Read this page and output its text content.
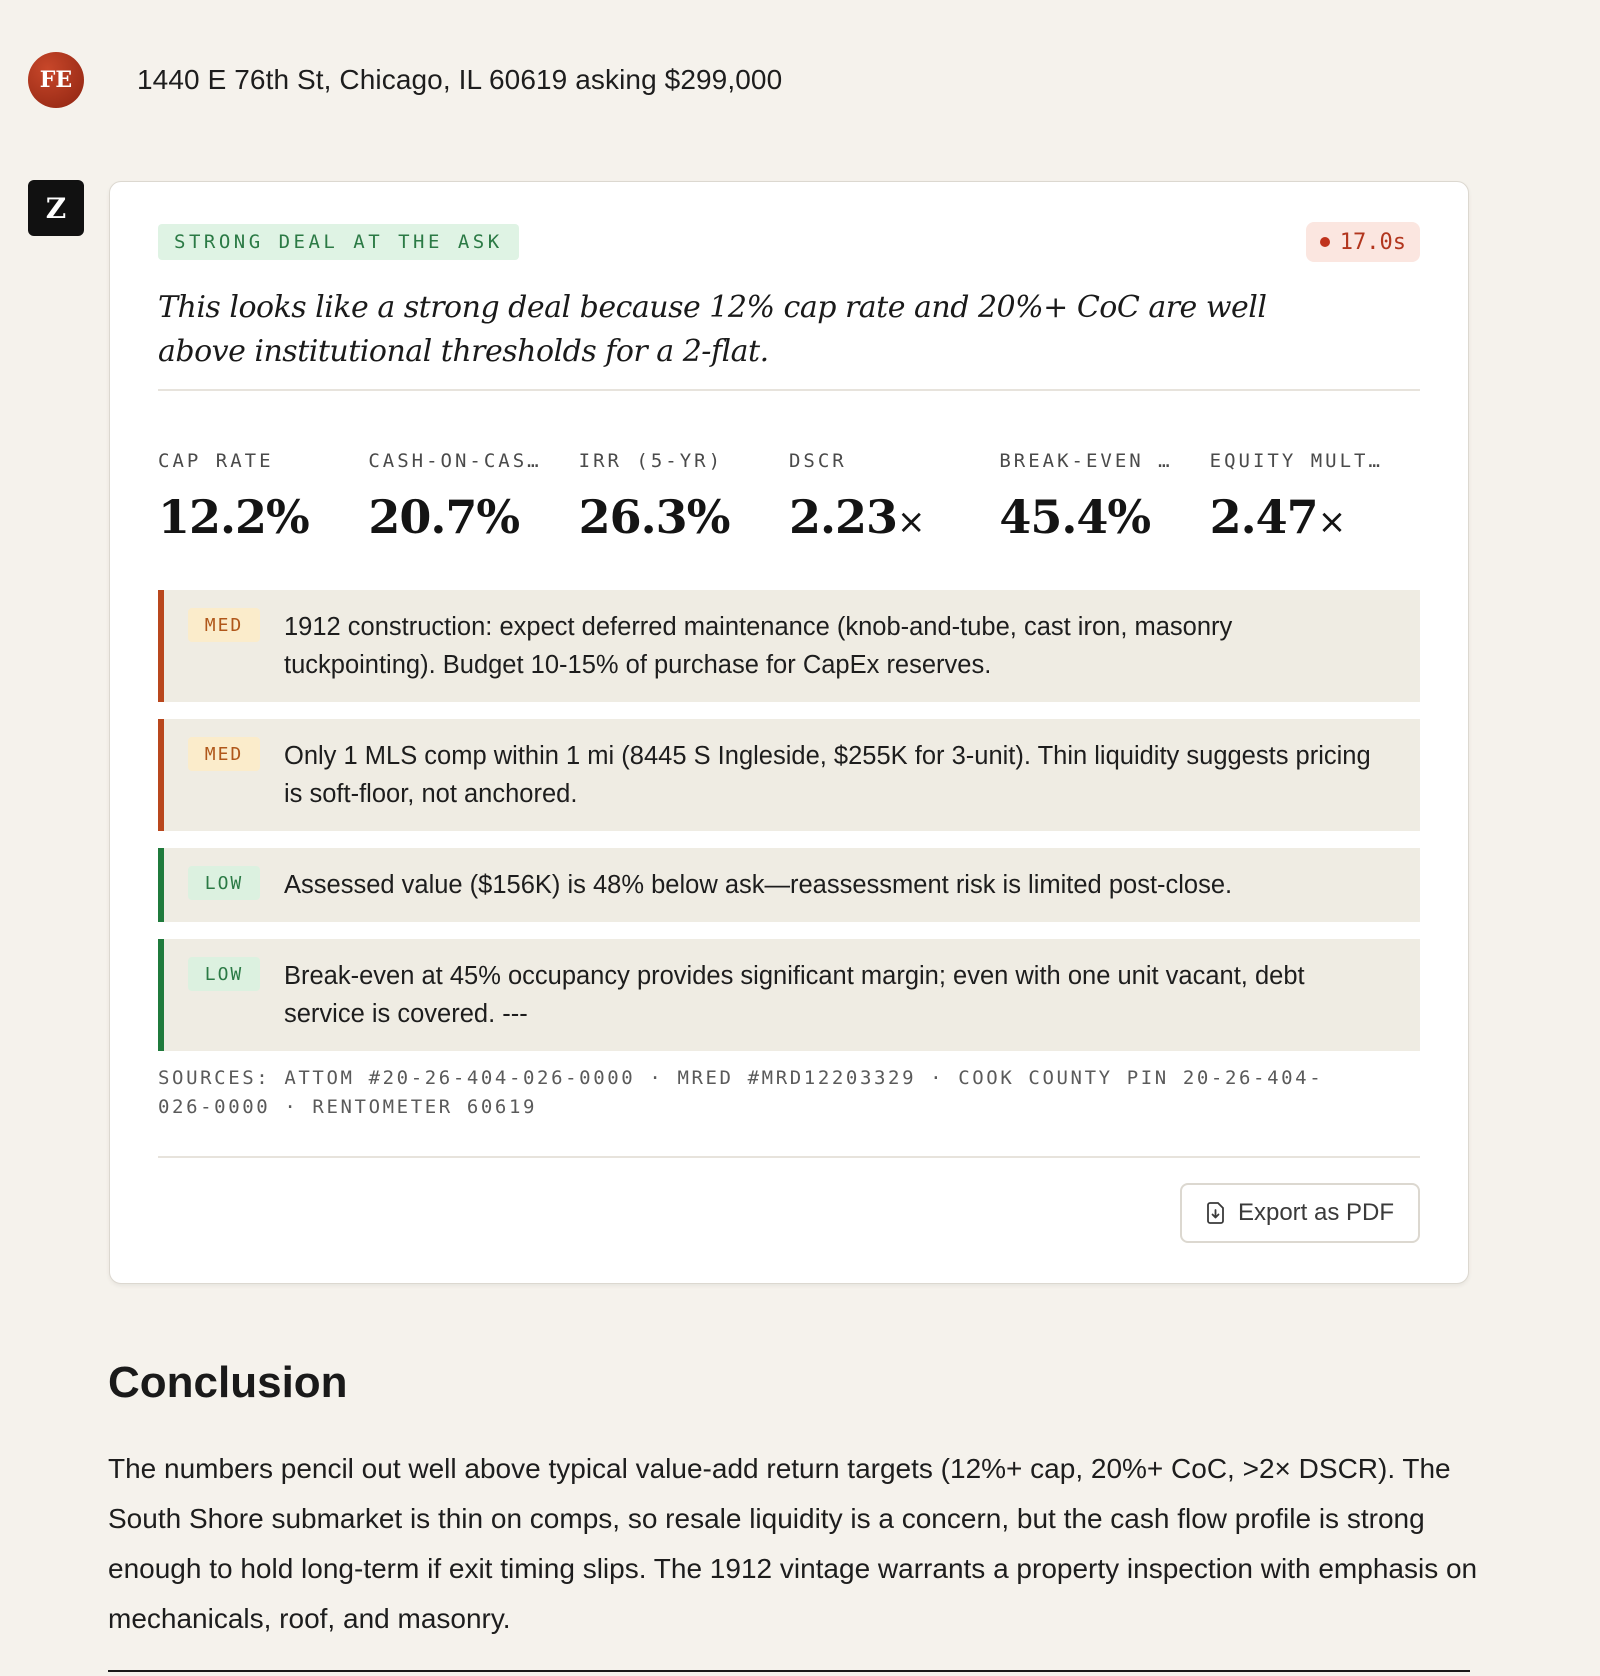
FE	1440 E 76th St, Chicago, IL 60619 asking $299,000
Z
STRONG DEAL AT THE ASK	17.0s
This looks like a strong deal because 12% cap rate and 20%+ CoC are well above institutional thresholds for a 2-flat.
CAP RATE
12.2%
CASH-ON-CAS…
20.7%
IRR (5-YR)
26.3%
DSCR
2.23×
BREAK-EVEN …
45.4%
EQUITY MULT…
2.47×
MED	1912 construction: expect deferred maintenance (knob-and-tube, cast iron, masonry tuckpointing). Budget 10-15% of purchase for CapEx reserves.
MED	Only 1 MLS comp within 1 mi (8445 S Ingleside, $255K for 3-unit). Thin liquidity suggests pricing is soft-floor, not anchored.
LOW	Assessed value ($156K) is 48% below ask—reassessment risk is limited post-close.
LOW	Break-even at 45% occupancy provides significant margin; even with one unit vacant, debt service is covered. ---
SOURCES: ATTOM #20-26-404-026-0000 · MRED #MRD12203329 · COOK COUNTY PIN 20-26-404-026-0000 · RENTOMETER 60619
Export as PDF
Conclusion
The numbers pencil out well above typical value-add return targets (12%+ cap, 20%+ CoC, >2× DSCR). The South Shore submarket is thin on comps, so resale liquidity is a concern, but the cash flow profile is strong enough to hold long-term if exit timing slips. The 1912 vintage warrants a property inspection with emphasis on mechanicals, roof, and masonry.
